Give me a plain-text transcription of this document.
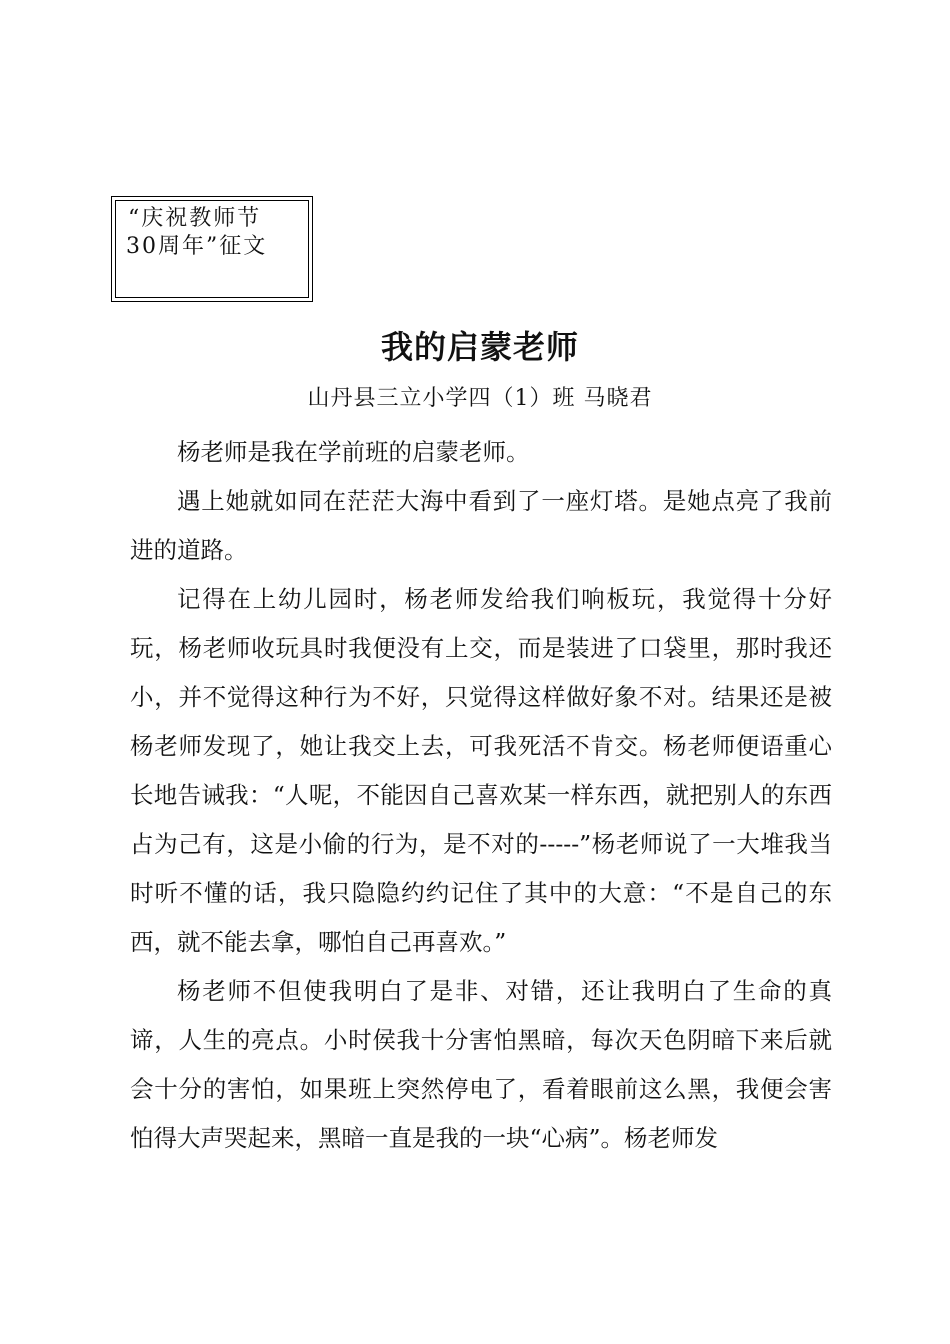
“庆祝教师节
30周年”征文
我的启蒙老师
山丹县三立小学四（1）班 马晓君

杨老师是我在学前班的启蒙老师。

遇上她就如同在茫茫大海中看到了一座灯塔。是她点亮了我前进的道路。

记得在上幼儿园时，杨老师发给我们响板玩，我觉得十分好玩，杨老师收玩具时我便没有上交，而是装进了口袋里，那时我还小，并不觉得这种行为不好，只觉得这样做好象不对。结果还是被杨老师发现了，她让我交上去，可我死活不肯交。杨老师便语重心长地告诫我：“人呢，不能因自己喜欢某一样东西，就把别人的东西占为己有，这是小偷的行为，是不对的-----”杨老师说了一大堆我当时听不懂的话，我只隐隐约约记住了其中的大意：“不是自己的东西，就不能去拿，哪怕自己再喜欢。”

杨老师不但使我明白了是非、对错，还让我明白了生命的真谛，人生的亮点。小时侯我十分害怕黑暗，每次天色阴暗下来后就会十分的害怕，如果班上突然停电了，看着眼前这么黑，我便会害怕得大声哭起来，黑暗一直是我的一块“心病”。杨老师发
